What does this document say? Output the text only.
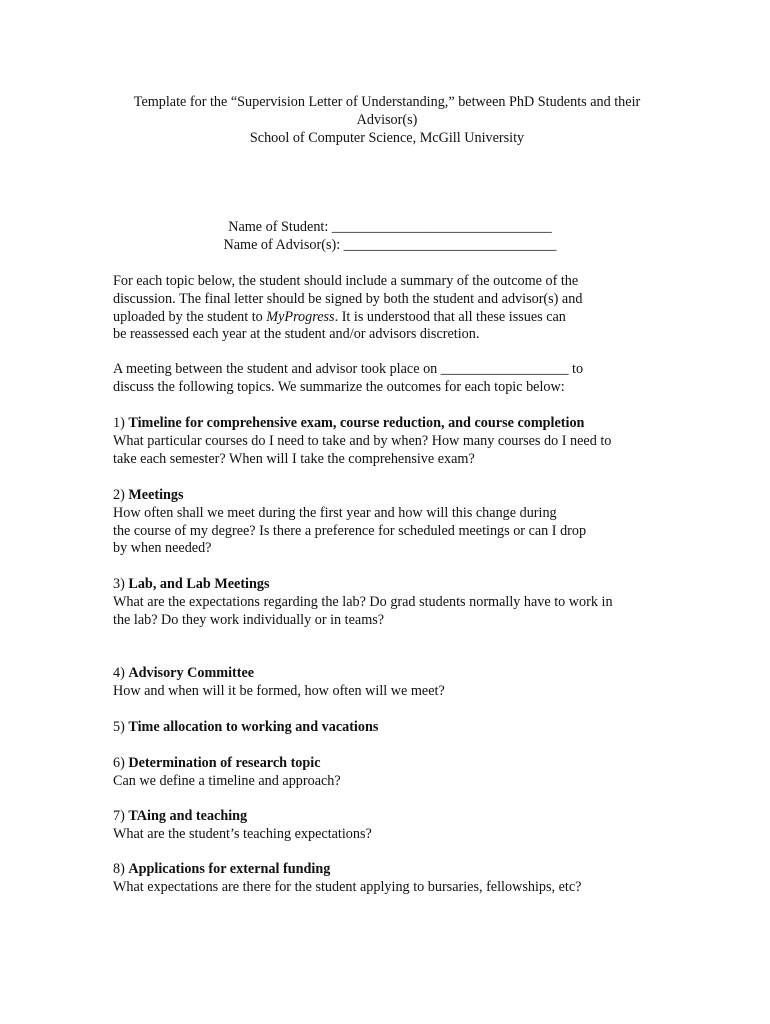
Template for the “Supervision Letter of Understanding,” between PhD Students and their
Advisor(s)
School of Computer Science, McGill University
Name of Student: _______________________________
Name of Advisor(s): ______________________________

For each topic below, the student should include a summary of the outcome of the

discussion. The final letter should be signed by both the student and advisor(s) and

uploaded by the student to MyProgress. It is understood that all these issues can

be reassessed each year at the student and/or advisors discretion.

A meeting between the student and advisor took place on __________________ to

discuss the following topics. We summarize the outcomes for each topic below:

1) Timeline for comprehensive exam, course reduction, and course completion

What particular courses do I need to take and by when? How many courses do I need to

take each semester? When will I take the comprehensive exam?

2) Meetings

How often shall we meet during the first year and how will this change during

the course of my degree? Is there a preference for scheduled meetings or can I drop

by when needed?

3) Lab, and Lab Meetings

What are the expectations regarding the lab? Do grad students normally have to work in

the lab? Do they work individually or in teams?

4) Advisory Committee

How and when will it be formed, how often will we meet?

5) Time allocation to working and vacations

6) Determination of research topic

Can we define a timeline and approach?

7) TAing and teaching

What are the student’s teaching expectations?

8) Applications for external funding

What expectations are there for the student applying to bursaries, fellowships, etc?
